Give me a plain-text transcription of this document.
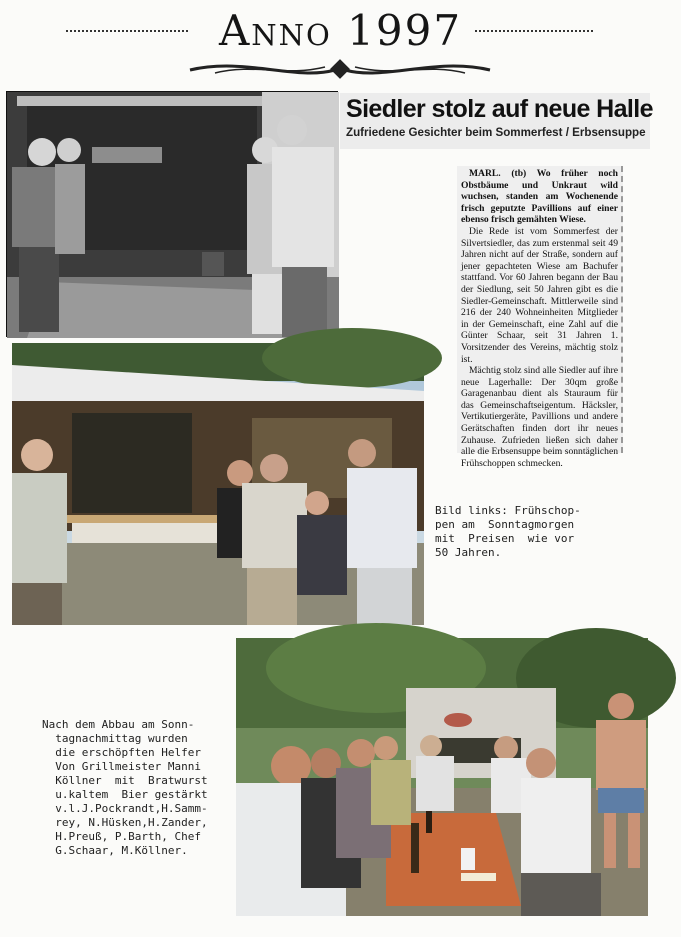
Anno 1997
Siedler stolz auf neue Halle
Zufriedene Gesichter beim Sommerfest / Erbsensuppe

MARL. (tb) Wo früher noch Obstbäume und Unkraut wild wuchsen, standen am Wochenende frisch geputzte Pavillions auf einer ebenso frisch gemähten Wiese.

Die Rede ist vom Sommerfest der Silvertsiedler, das zum erstenmal seit 49 Jahren nicht auf der Straße, sondern auf jener gepachteten Wiese am Bachufer stattfand. Vor 60 Jahren begann der Bau der Siedlung, seit 50 Jahren gibt es die Siedler-Gemeinschaft. Mittlerweile sind 216 der 240 Wohneinheiten Mitglieder in der Gemeinschaft, eine Zahl auf die Günter Schaar, seit 31 Jahren 1. Vorsitzender des Vereins, mächtig stolz ist.

Mächtig stolz sind alle Siedler auf ihre neue Lagerhalle: Der 30qm große Garagenanbau dient als Stauraum für das Gemeinschaftseigentum. Häcksler, Vertikutiergeräte, Pavillions und andere Gerätschaften finden dort ihr neues Zuhause. Zufrieden ließen sich daher alle die Erbsensuppe beim sonntäglichen Frühschoppen schmecken.

Bild links: Frühschop-
pen am  Sonntagmorgen
mit  Preisen  wie vor
50 Jahren.
Nach dem Abbau am Sonn-
tagnachmittag wurden
die erschöpften Helfer
Von Grillmeister Manni
Köllner  mit  Bratwurst
u.kaltem  Bier gestärkt
v.l.J.Pockrandt,H.Samm-
rey, N.Hüsken,H.Zander,
H.Preuß, P.Barth, Chef
G.Schaar, M.Köllner.
